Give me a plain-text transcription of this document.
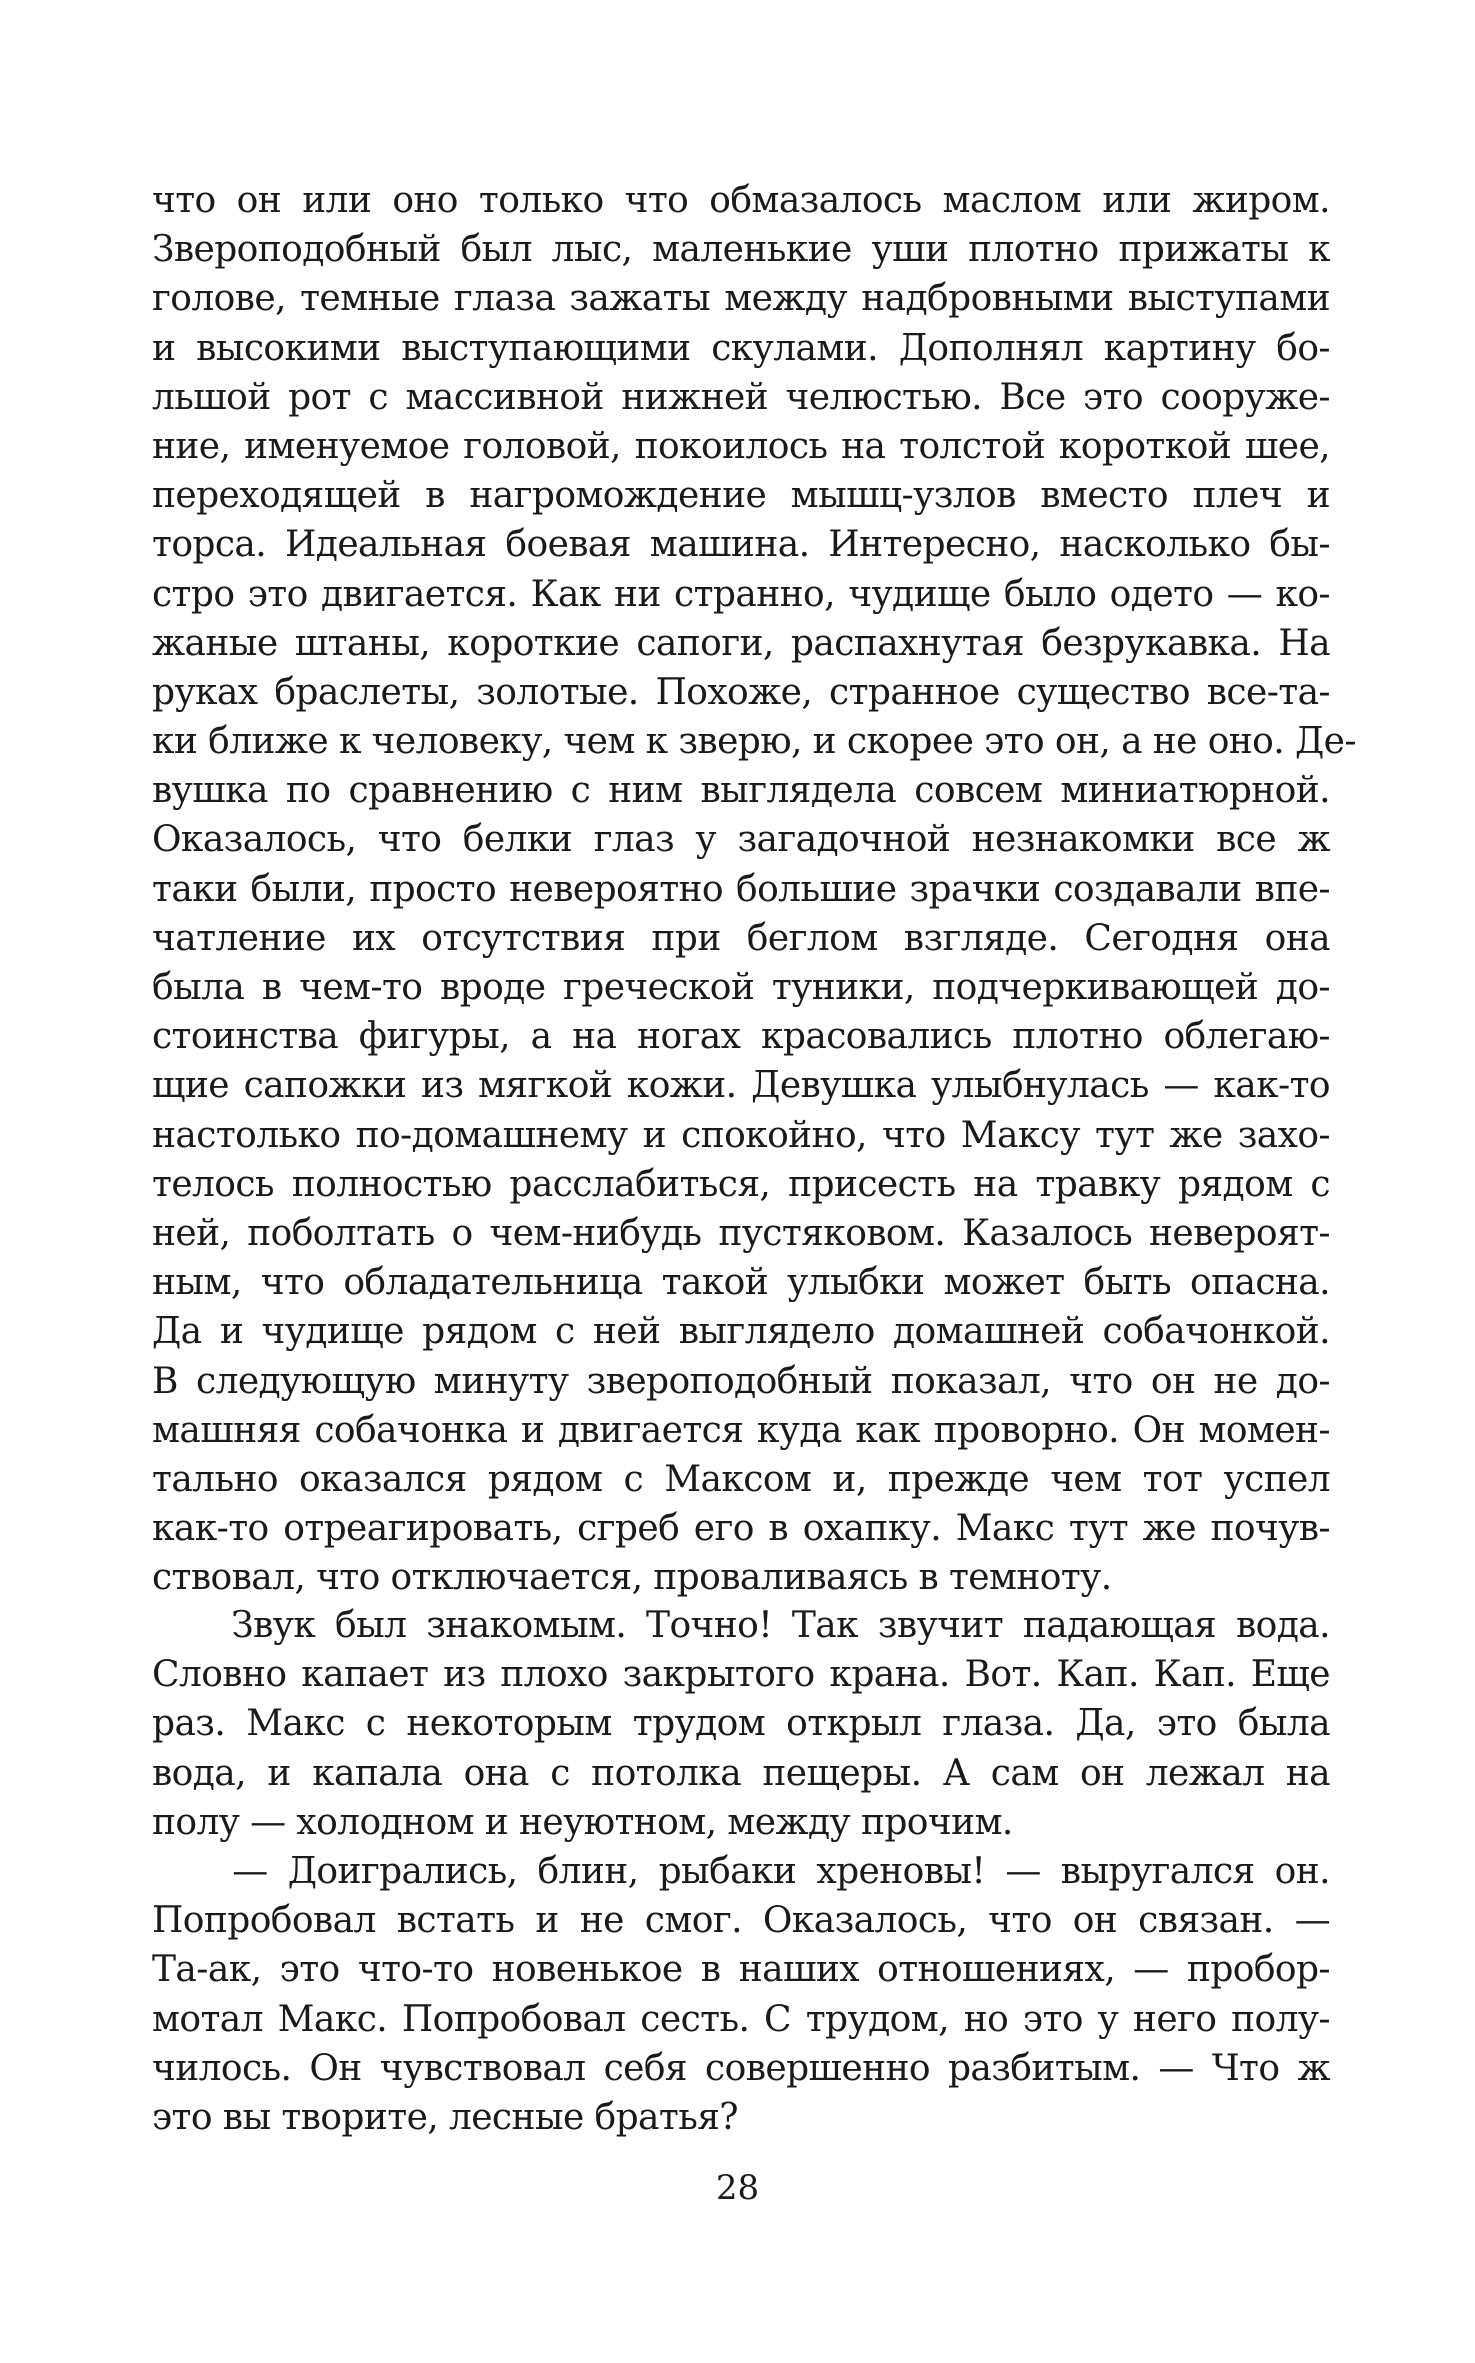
что он или оно только что обмазалось маслом или жиром.
Звероподобный был лыс, маленькие уши плотно прижаты к
голове, темные глаза зажаты между надбровными выступами
и высокими выступающими скулами. Дополнял картину бо-
льшой рот с массивной нижней челюстью. Все это сооруже-
ние, именуемое головой, покоилось на толстой короткой шее,
переходящей в нагромождение мышц-узлов вместо плеч и
торса. Идеальная боевая машина. Интересно, насколько бы-
стро это двигается. Как ни странно, чудище было одето — ко-
жаные штаны, короткие сапоги, распахнутая безрукавка. На
руках браслеты, золотые. Похоже, странное существо все-та-
ки ближе к человеку, чем к зверю, и скорее это он, а не оно. Де-
вушка по сравнению с ним выглядела совсем миниатюрной.
Оказалось, что белки глаз у загадочной незнакомки все ж
таки были, просто невероятно большие зрачки создавали впе-
чатление их отсутствия при беглом взгляде. Сегодня она
была в чем-то вроде греческой туники, подчеркивающей до-
стоинства фигуры, а на ногах красовались плотно облегаю-
щие сапожки из мягкой кожи. Девушка улыбнулась — как-то
настолько по-домашнему и спокойно, что Максу тут же захо-
телось полностью расслабиться, присесть на травку рядом с
ней, поболтать о чем-нибудь пустяковом. Казалось невероят-
ным, что обладательница такой улыбки может быть опасна.
Да и чудище рядом с ней выглядело домашней собачонкой.
В следующую минуту звероподобный показал, что он не до-
машняя собачонка и двигается куда как проворно. Он момен-
тально оказался рядом с Максом и, прежде чем тот успел
как-то отреагировать, сгреб его в охапку. Макс тут же почув-
ствовал, что отключается, проваливаясь в темноту.
Звук был знакомым. Точно! Так звучит падающая вода.
Словно капает из плохо закрытого крана. Вот. Кап. Кап. Еще
раз. Макс с некоторым трудом открыл глаза. Да, это была
вода, и капала она с потолка пещеры. А сам он лежал на
полу — холодном и неуютном, между прочим.
— Доигрались, блин, рыбаки хреновы! — выругался он.
Попробовал встать и не смог. Оказалось, что он связан. —
Та-ак, это что-то новенькое в наших отношениях, — пробор-
мотал Макс. Попробовал сесть. С трудом, но это у него полу-
чилось. Он чувствовал себя совершенно разбитым. — Что ж
это вы творите, лесные братья?
28
